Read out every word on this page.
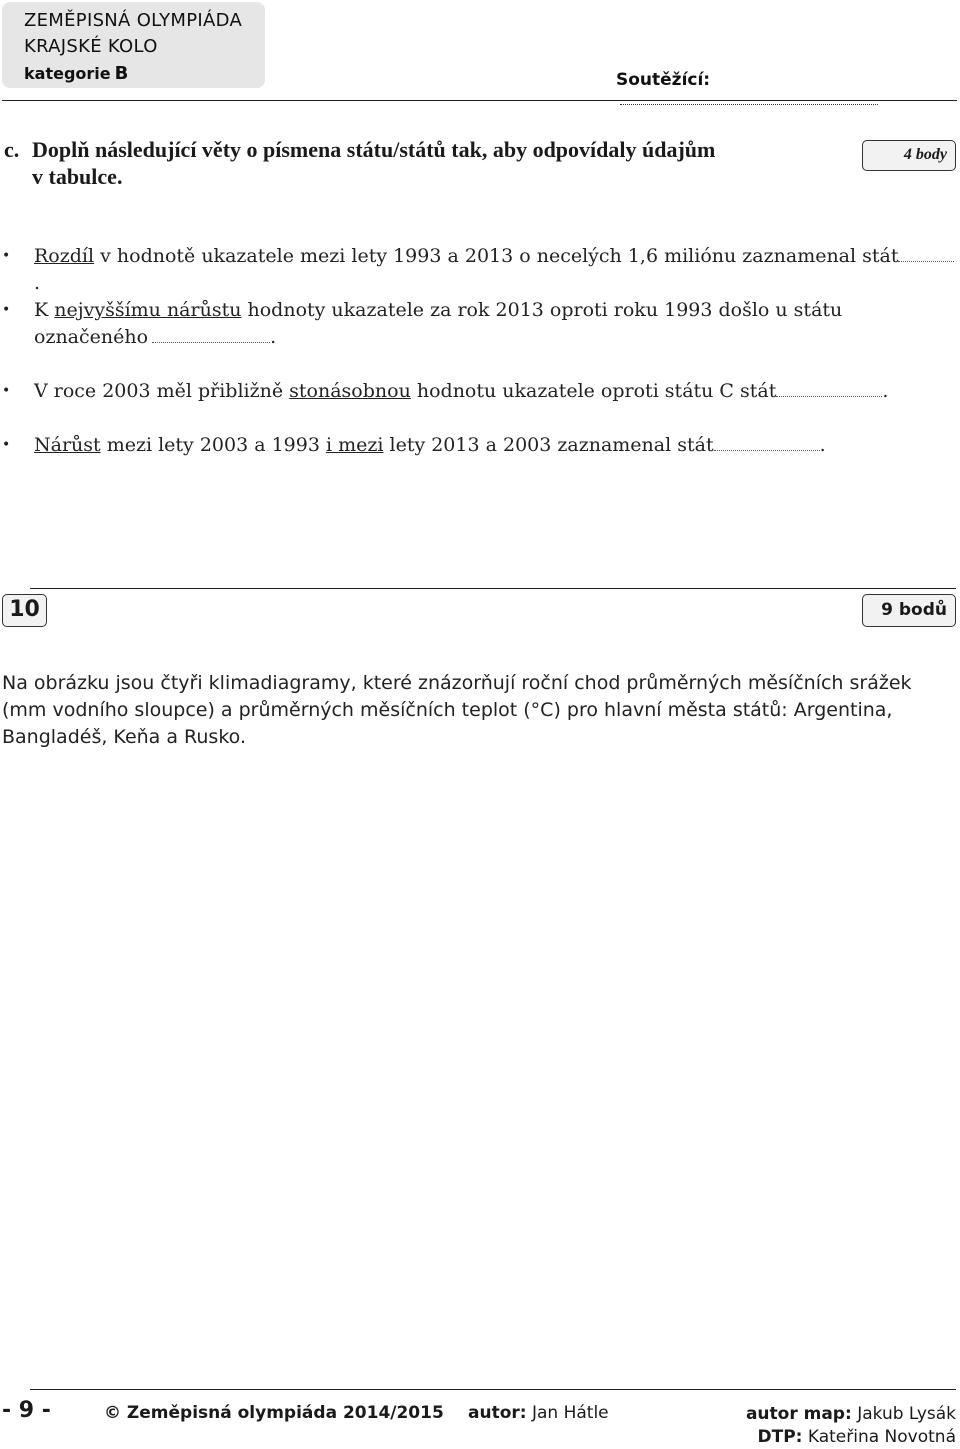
ZEMĚPISNÁ OLYMPIÁDA
KRAJSKÉ KOLO
kategorie B	Soutěžící:
c. Doplň následující věty o písmena státu/států tak, aby odpovídaly údajům
v tabulce.
4 body
• Rozdíl v hodnotě ukazatele mezi lety 1993 a 2013 o necelých 1,6 miliónu zaznamenal stát.
• K nejvyššímu nárůstu hodnoty ukazatele za rok 2013 oproti roku 1993 došlo u státu
označeného	.
• V roce 2003 měl přibližně stonásobnou hodnotu ukazatele oproti státu C stát	.
• Nárůst mezi lety 2003 a 1993 i mezi lety 2013 a 2003 zaznamenal stát	.
10	9 bodů
Na obrázku jsou čtyři klimadiagramy, které znázorňují roční chod průměrných měsíčních srážek
(mm vodního sloupce) a průměrných měsíčních teplot (°C) pro hlavní města států: Argentina,
Bangladéš, Keňa a Rusko.
- 9 -	© Zeměpisná olympiáda 2014/2015 autor: Jan Hátle	autor map: Jakub Lysák
DTP: Kateřina Novotná
